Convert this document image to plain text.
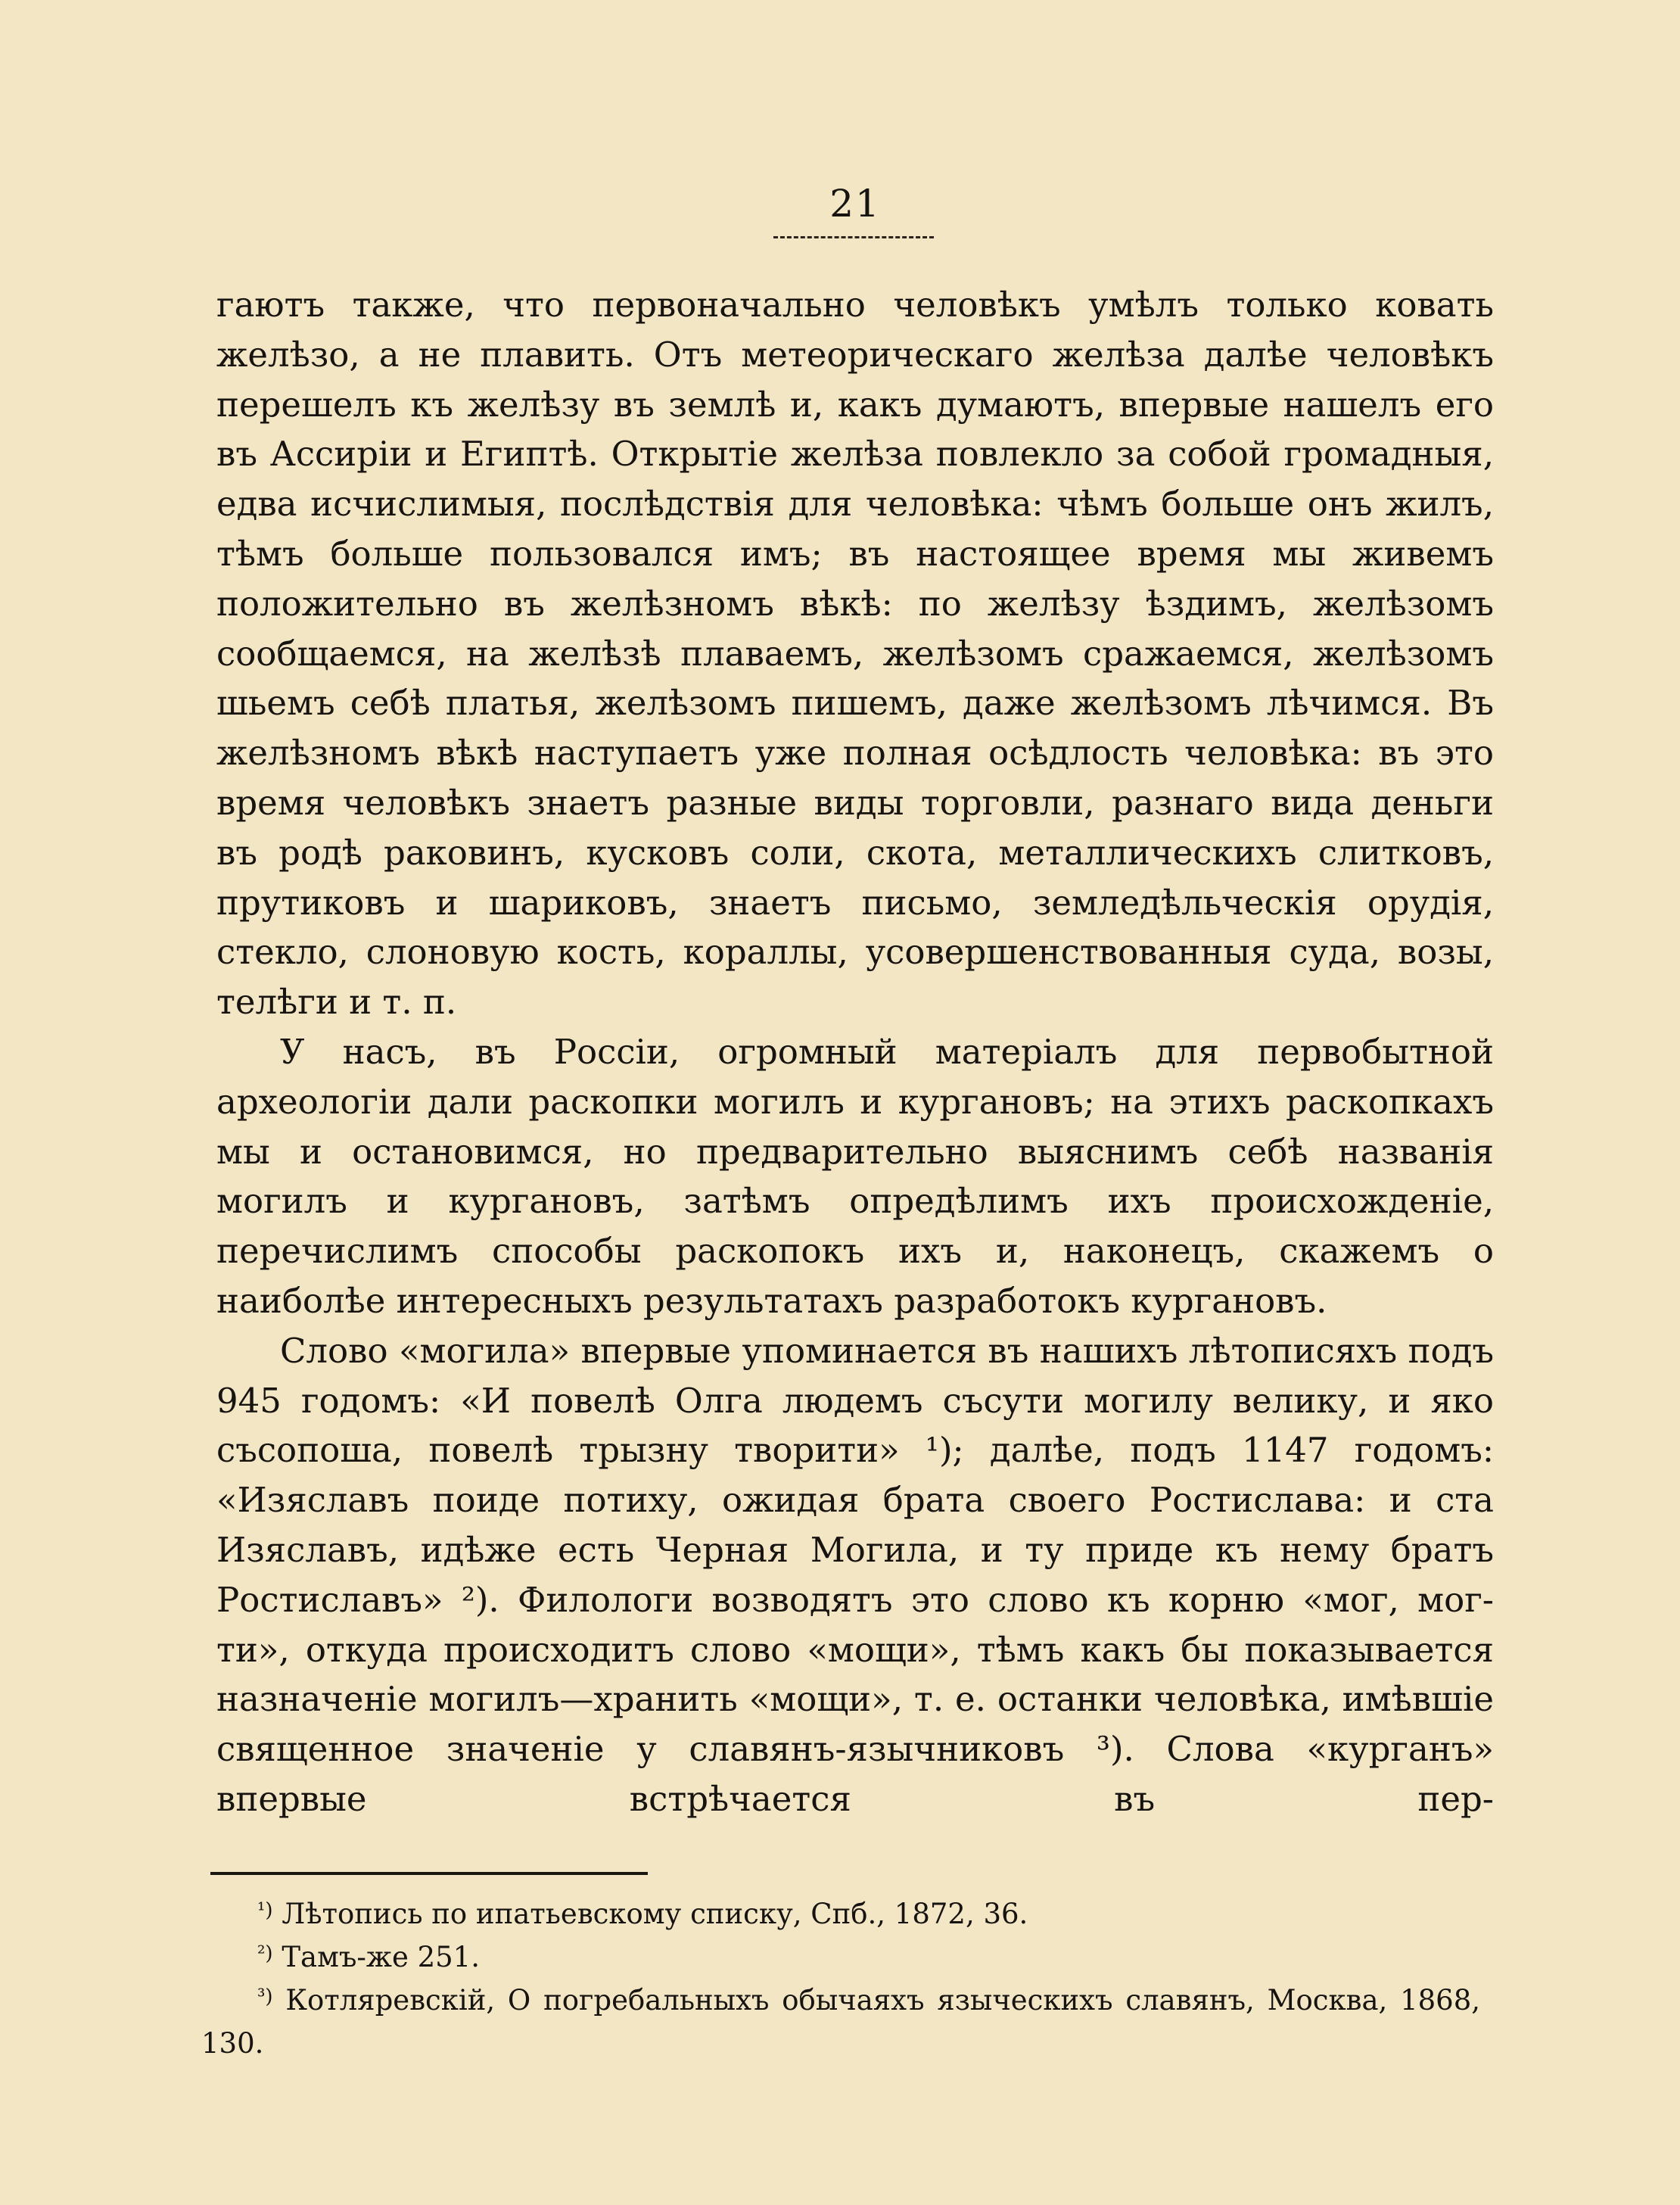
21

гаютъ также, что первоначально человѣкъ умѣлъ только ковать желѣзо, а не плавить. Отъ метеорическаго желѣза далѣе человѣкъ перешелъ къ желѣзу въ землѣ и, какъ думаютъ, впервые нашелъ его въ Ассиріи и Египтѣ. Открытіе желѣза повлекло за собой громадныя, едва исчислимыя, послѣдствія для человѣка: чѣмъ больше онъ жилъ, тѣмъ больше пользовался имъ; въ настоящее время мы живемъ положительно въ желѣзномъ вѣкѣ: по желѣзу ѣздимъ, желѣзомъ сообщаемся, на желѣзѣ плаваемъ, желѣзомъ сражаемся, желѣзомъ шьемъ себѣ платья, желѣзомъ пишемъ, даже желѣзомъ лѣчимся. Въ желѣзномъ вѣкѣ наступаетъ уже полная осѣдлость человѣка: въ это время человѣкъ знаетъ разные виды торговли, разнаго вида деньги въ родѣ раковинъ, кусковъ соли, скота, металлическихъ слитковъ, прутиковъ и шариковъ, знаетъ письмо, земледѣльческія орудія, стекло, слоновую кость, кораллы, усовершенствованныя суда, возы, телѣги и т. п.

У насъ, въ Россіи, огромный матеріалъ для первобытной археологіи дали раскопки могилъ и кургановъ; на этихъ раскопкахъ мы и остановимся, но предварительно выяснимъ себѣ названія могилъ и кургановъ, затѣмъ опредѣлимъ ихъ происхожденіе, перечислимъ способы раскопокъ ихъ и, наконецъ, скажемъ о наиболѣе интересныхъ результатахъ разработокъ кургановъ.

Слово «могила» впервые упоминается въ нашихъ лѣтописяхъ подъ 945 годомъ: «И повелѣ Олга людемъ съсути могилу велику, и яко съсопоша, повелѣ трызну творити» ¹); далѣе, подъ 1147 годомъ: «Изяславъ поиде потиху, ожидая брата своего Ростислава: и ста Изяславъ, идѣже есть Черная Могила, и ту приде къ нему братъ Ростиславъ» ²). Филологи возводятъ это слово къ корню «мог, мог-ти», откуда происходитъ слово «мощи», тѣмъ какъ бы показывается назначеніе могилъ—хранить «мощи», т. е. останки человѣка, имѣвшіе священное значеніе у славянъ-язычниковъ ³). Слова «курганъ» впервые встрѣчается въ пер-

$^{^1)}$ Лѣтопись по ипатьевскому списку, Спб., 1872, 36.

$^{^2)}$ Тамъ-же 251.

$^{^3)}$ Котляревскій, О погребальныхъ обычаяхъ языческихъ славянъ, Москва, 1868, 130.
